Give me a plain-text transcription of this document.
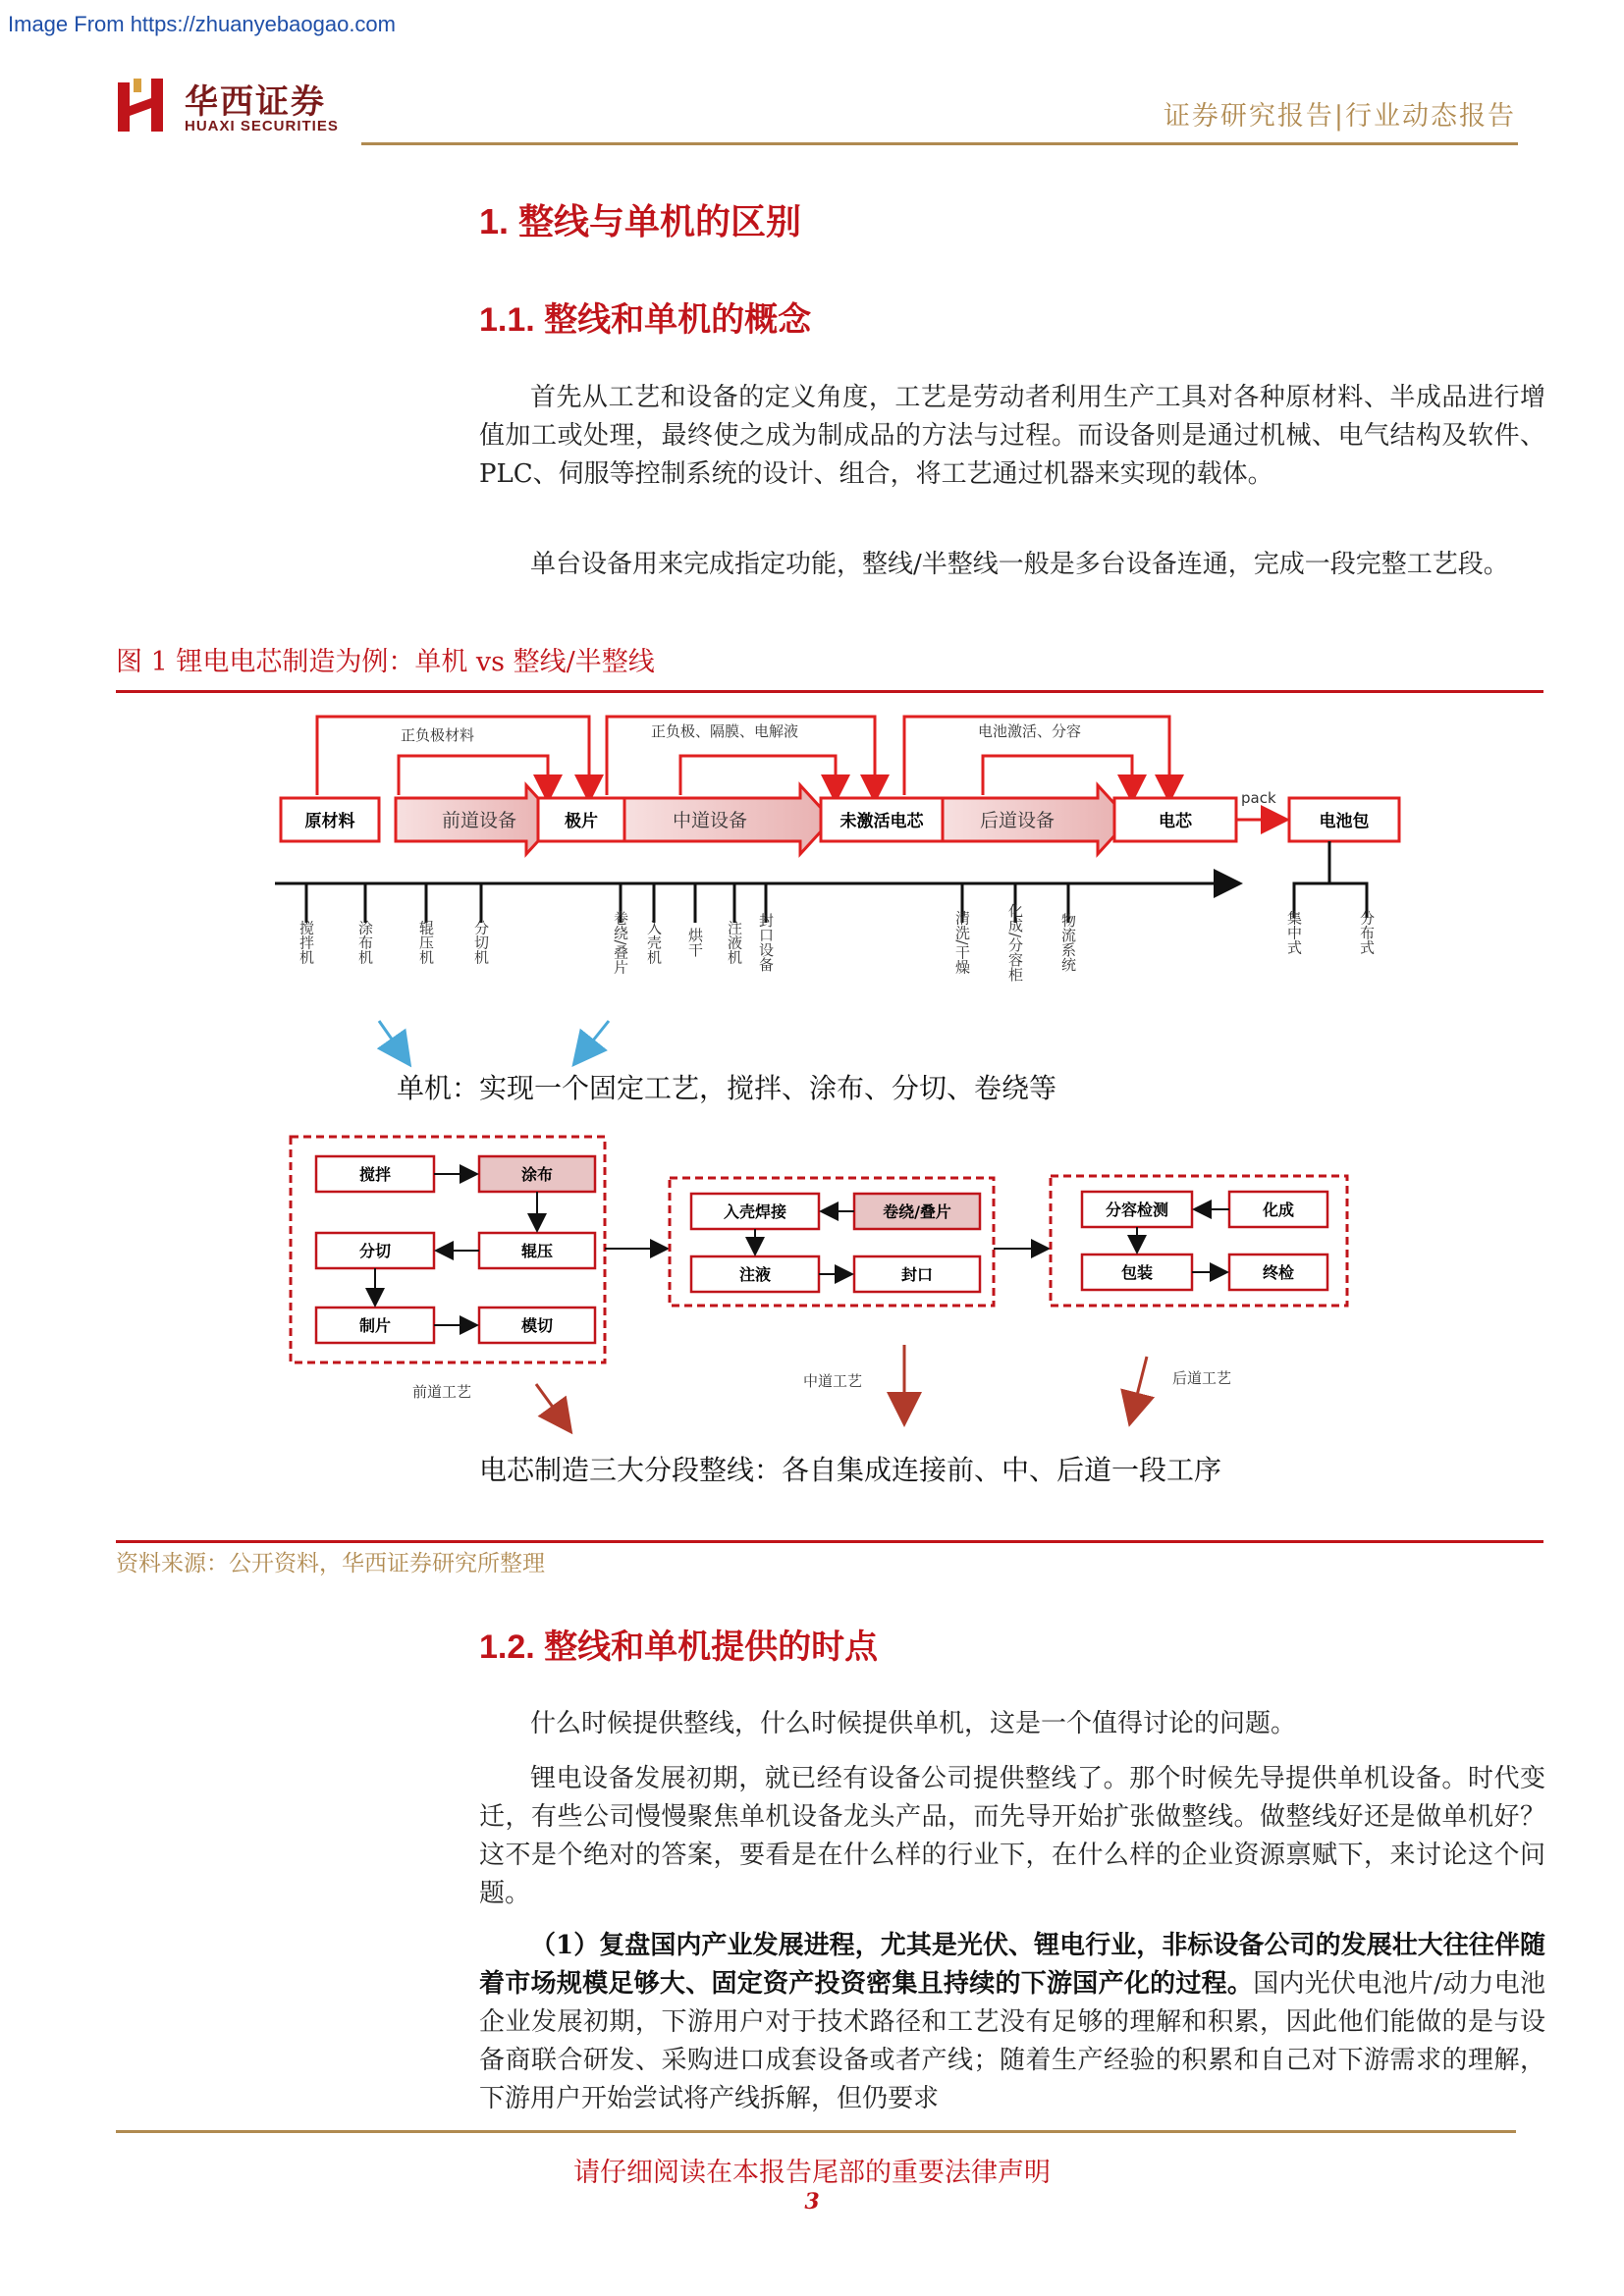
Image From https://zhuanyebaogao.com
华西证券
HUAXI SECURITIES	证券研究报告|行业动态报告
1. 整线与单机的区别
1.1. 整线和单机的概念

首先从工艺和设备的定义角度，工艺是劳动者利用生产工具对各种原材料、半成品进行增值加工或处理，最终使之成为制成品的方法与过程。而设备则是通过机械、电气结构及软件、PLC、伺服等控制系统的设计、组合，将工艺通过机器来实现的载体。

单台设备用来完成指定功能，整线/半整线一般是多台设备连通，完成一段完整工艺段。

图 1 锂电电芯制造为例：单机 vs 整线/半整线
正负极材料	正负极、隔膜、电解液	电池激活、分容
前道设备	中道设备	后道设备
原材料	极片	未激活电芯	电芯	电池包
pack
搅拌机	涂布机	辊压机	分切机	卷绕/叠片 入壳机 烘干 注液机 封口设备	清洗/干燥 化成/分容柜 物流系统	集中式	分布式
单机：实现一个固定工艺，搅拌、涂布、分切、卷绕等
搅拌	涂布
分切	辊压
制片	模切
前道工艺
入壳焊接	卷绕/叠片
注液	封口
中道工艺
分容检测	化成
包装	终检
后道工艺
电芯制造三大分段整线：各自集成连接前、中、后道一段工序
资料来源：公开资料，华西证券研究所整理
1.2. 整线和单机提供的时点

什么时候提供整线，什么时候提供单机，这是一个值得讨论的问题。

锂电设备发展初期，就已经有设备公司提供整线了。那个时候先导提供单机设备。时代变迁，有些公司慢慢聚焦单机设备龙头产品，而先导开始扩张做整线。做整线好还是做单机好？这不是个绝对的答案，要看是在什么样的行业下，在什么样的企业资源禀赋下，来讨论这个问题。

（1）复盘国内产业发展进程，尤其是光伏、锂电行业，非标设备公司的发展壮大往往伴随着市场规模足够大、固定资产投资密集且持续的下游国产化的过程。国内光伏电池片/动力电池企业发展初期，下游用户对于技术路径和工艺没有足够的理解和积累，因此他们能做的是与设备商联合研发、采购进口成套设备或者产线；随着生产经验的积累和自己对下游需求的理解，下游用户开始尝试将产线拆解，但仍要求

请仔细阅读在本报告尾部的重要法律声明
3
